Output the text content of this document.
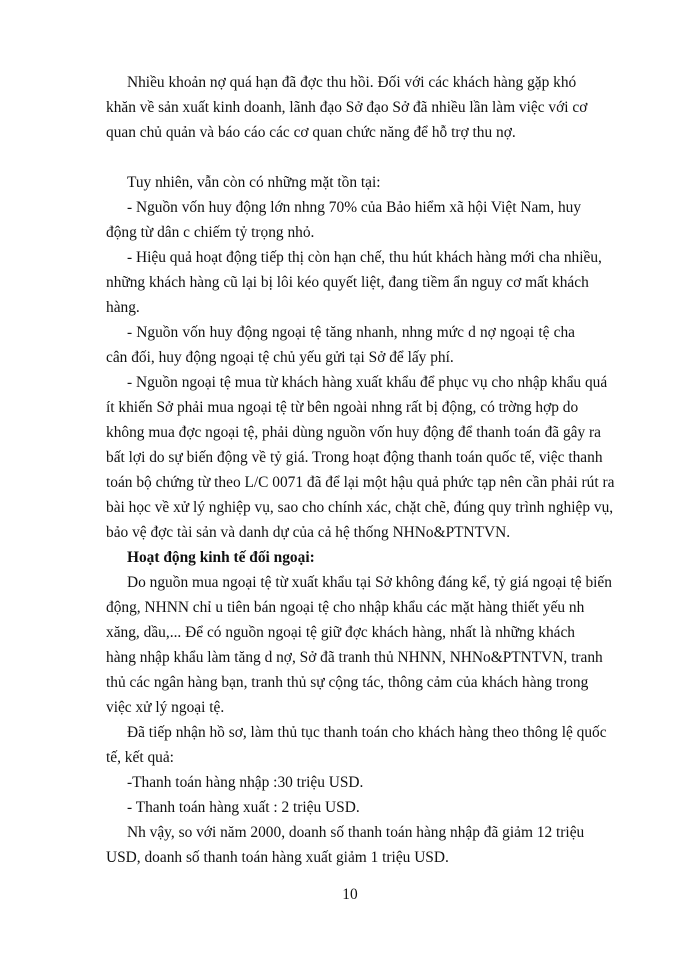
Nhiều khoản nợ quá hạn đã đợc thu hồi. Đối với các khách hàng gặp khó
khăn về sản xuất kinh doanh, lãnh đạo Sở đạo Sở đã nhiều lần làm việc với cơ
quan chủ quản và báo cáo các cơ quan chức năng để hỗ trợ thu nợ.
Tuy nhiên, vẫn còn có những mặt tồn tại:
- Nguồn vốn huy động lớn nhng 70% của Bảo hiểm xã hội Việt Nam, huy
động từ dân c chiếm tỷ trọng nhỏ.
- Hiệu quả hoạt động tiếp thị còn hạn chế, thu hút khách hàng mới cha nhiều,
những khách hàng cũ lại bị lôi kéo quyết liệt, đang tiềm ẩn nguy cơ mất khách
hàng.
- Nguồn vốn huy động ngoại tệ tăng nhanh, nhng mức d nợ ngoại tệ cha
cân đối, huy động ngoại tệ chủ yếu gửi tại Sở để lấy phí.
- Nguồn ngoại tệ mua từ khách hàng xuất khẩu để phục vụ cho nhập khẩu quá
ít khiến Sở phải mua ngoại tệ từ bên ngoài nhng rất bị động, có trờng hợp do
không mua đợc ngoại tệ, phải dùng nguồn vốn huy động để thanh toán đã gây ra
bất lợi do sự biến động về tỷ giá. Trong hoạt động thanh toán quốc tế, việc thanh
toán bộ chứng từ theo L/C 0071 đã để lại một hậu quả phức tạp nên cần phải rút ra
bài học về xử lý nghiệp vụ, sao cho chính xác, chặt chẽ, đúng quy trình nghiệp vụ,
bảo vệ đợc tài sản và danh dự của cả hệ thống NHNo&PTNTVN.
Hoạt động kinh tế đối ngoại:
Do nguồn mua ngoại tệ từ xuất khẩu tại Sở không đáng kể, tỷ giá ngoại tệ biến
động, NHNN chỉ u tiên bán ngoại tệ cho nhập khẩu các mặt hàng thiết yếu nh
xăng, dầu,... Để có nguồn ngoại tệ giữ đợc khách hàng, nhất là những khách
hàng nhập khẩu làm tăng d nợ, Sở đã tranh thủ NHNN, NHNo&PTNTVN, tranh
thủ các ngân hàng bạn, tranh thủ sự cộng tác, thông cảm của khách hàng trong
việc xử lý ngoại tệ.
Đã tiếp nhận hồ sơ, làm thủ tục thanh toán cho khách hàng theo thông lệ quốc
tế, kết quả:
-Thanh toán hàng nhập :30 triệu USD.
- Thanh toán hàng xuất : 2 triệu USD.
Nh vậy, so với năm 2000, doanh số thanh toán hàng nhập đã giảm 12 triệu
USD, doanh số thanh toán hàng xuất giảm 1 triệu USD.
10
